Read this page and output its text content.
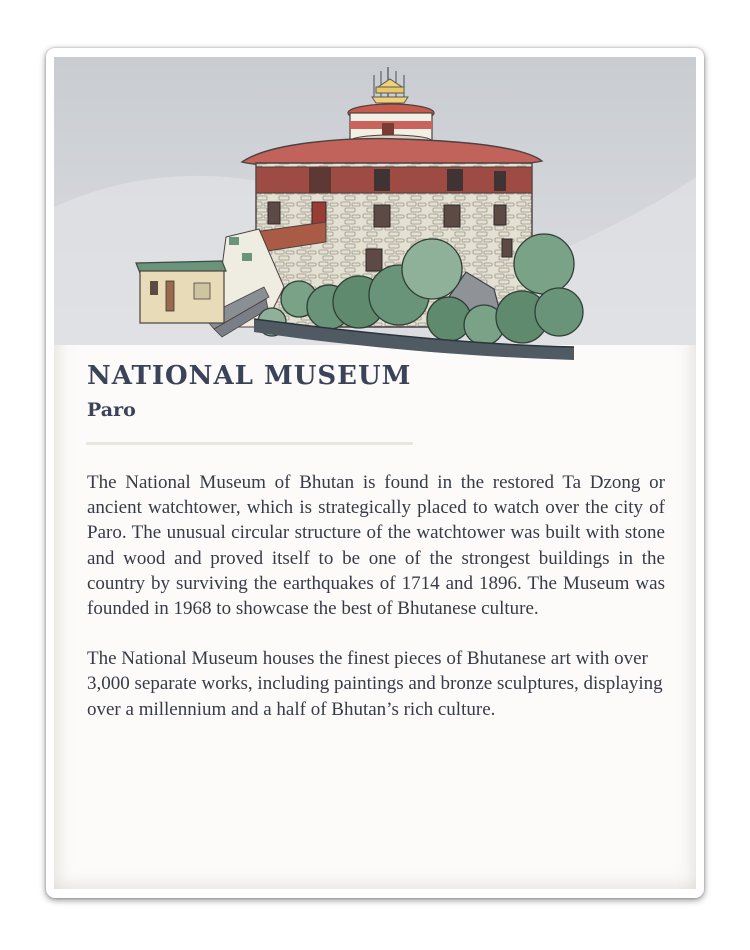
NATIONAL MUSEUM
Paro

The National Museum of Bhutan is found in the restored Ta Dzong or ancient watchtower, which is strategically placed to watch over the city of Paro. The unusual circular structure of the watchtower was built with stone and wood and proved itself to be one of the strongest buildings in the country by surviving the earthquakes of 1714 and 1896. The Museum was founded in 1968 to showcase the best of Bhutanese culture.

The National Museum houses the finest pieces of Bhutanese art with over 3,000 separate works, including paintings and bronze sculptures, displaying over a millennium and a half of Bhutan’s rich culture.
